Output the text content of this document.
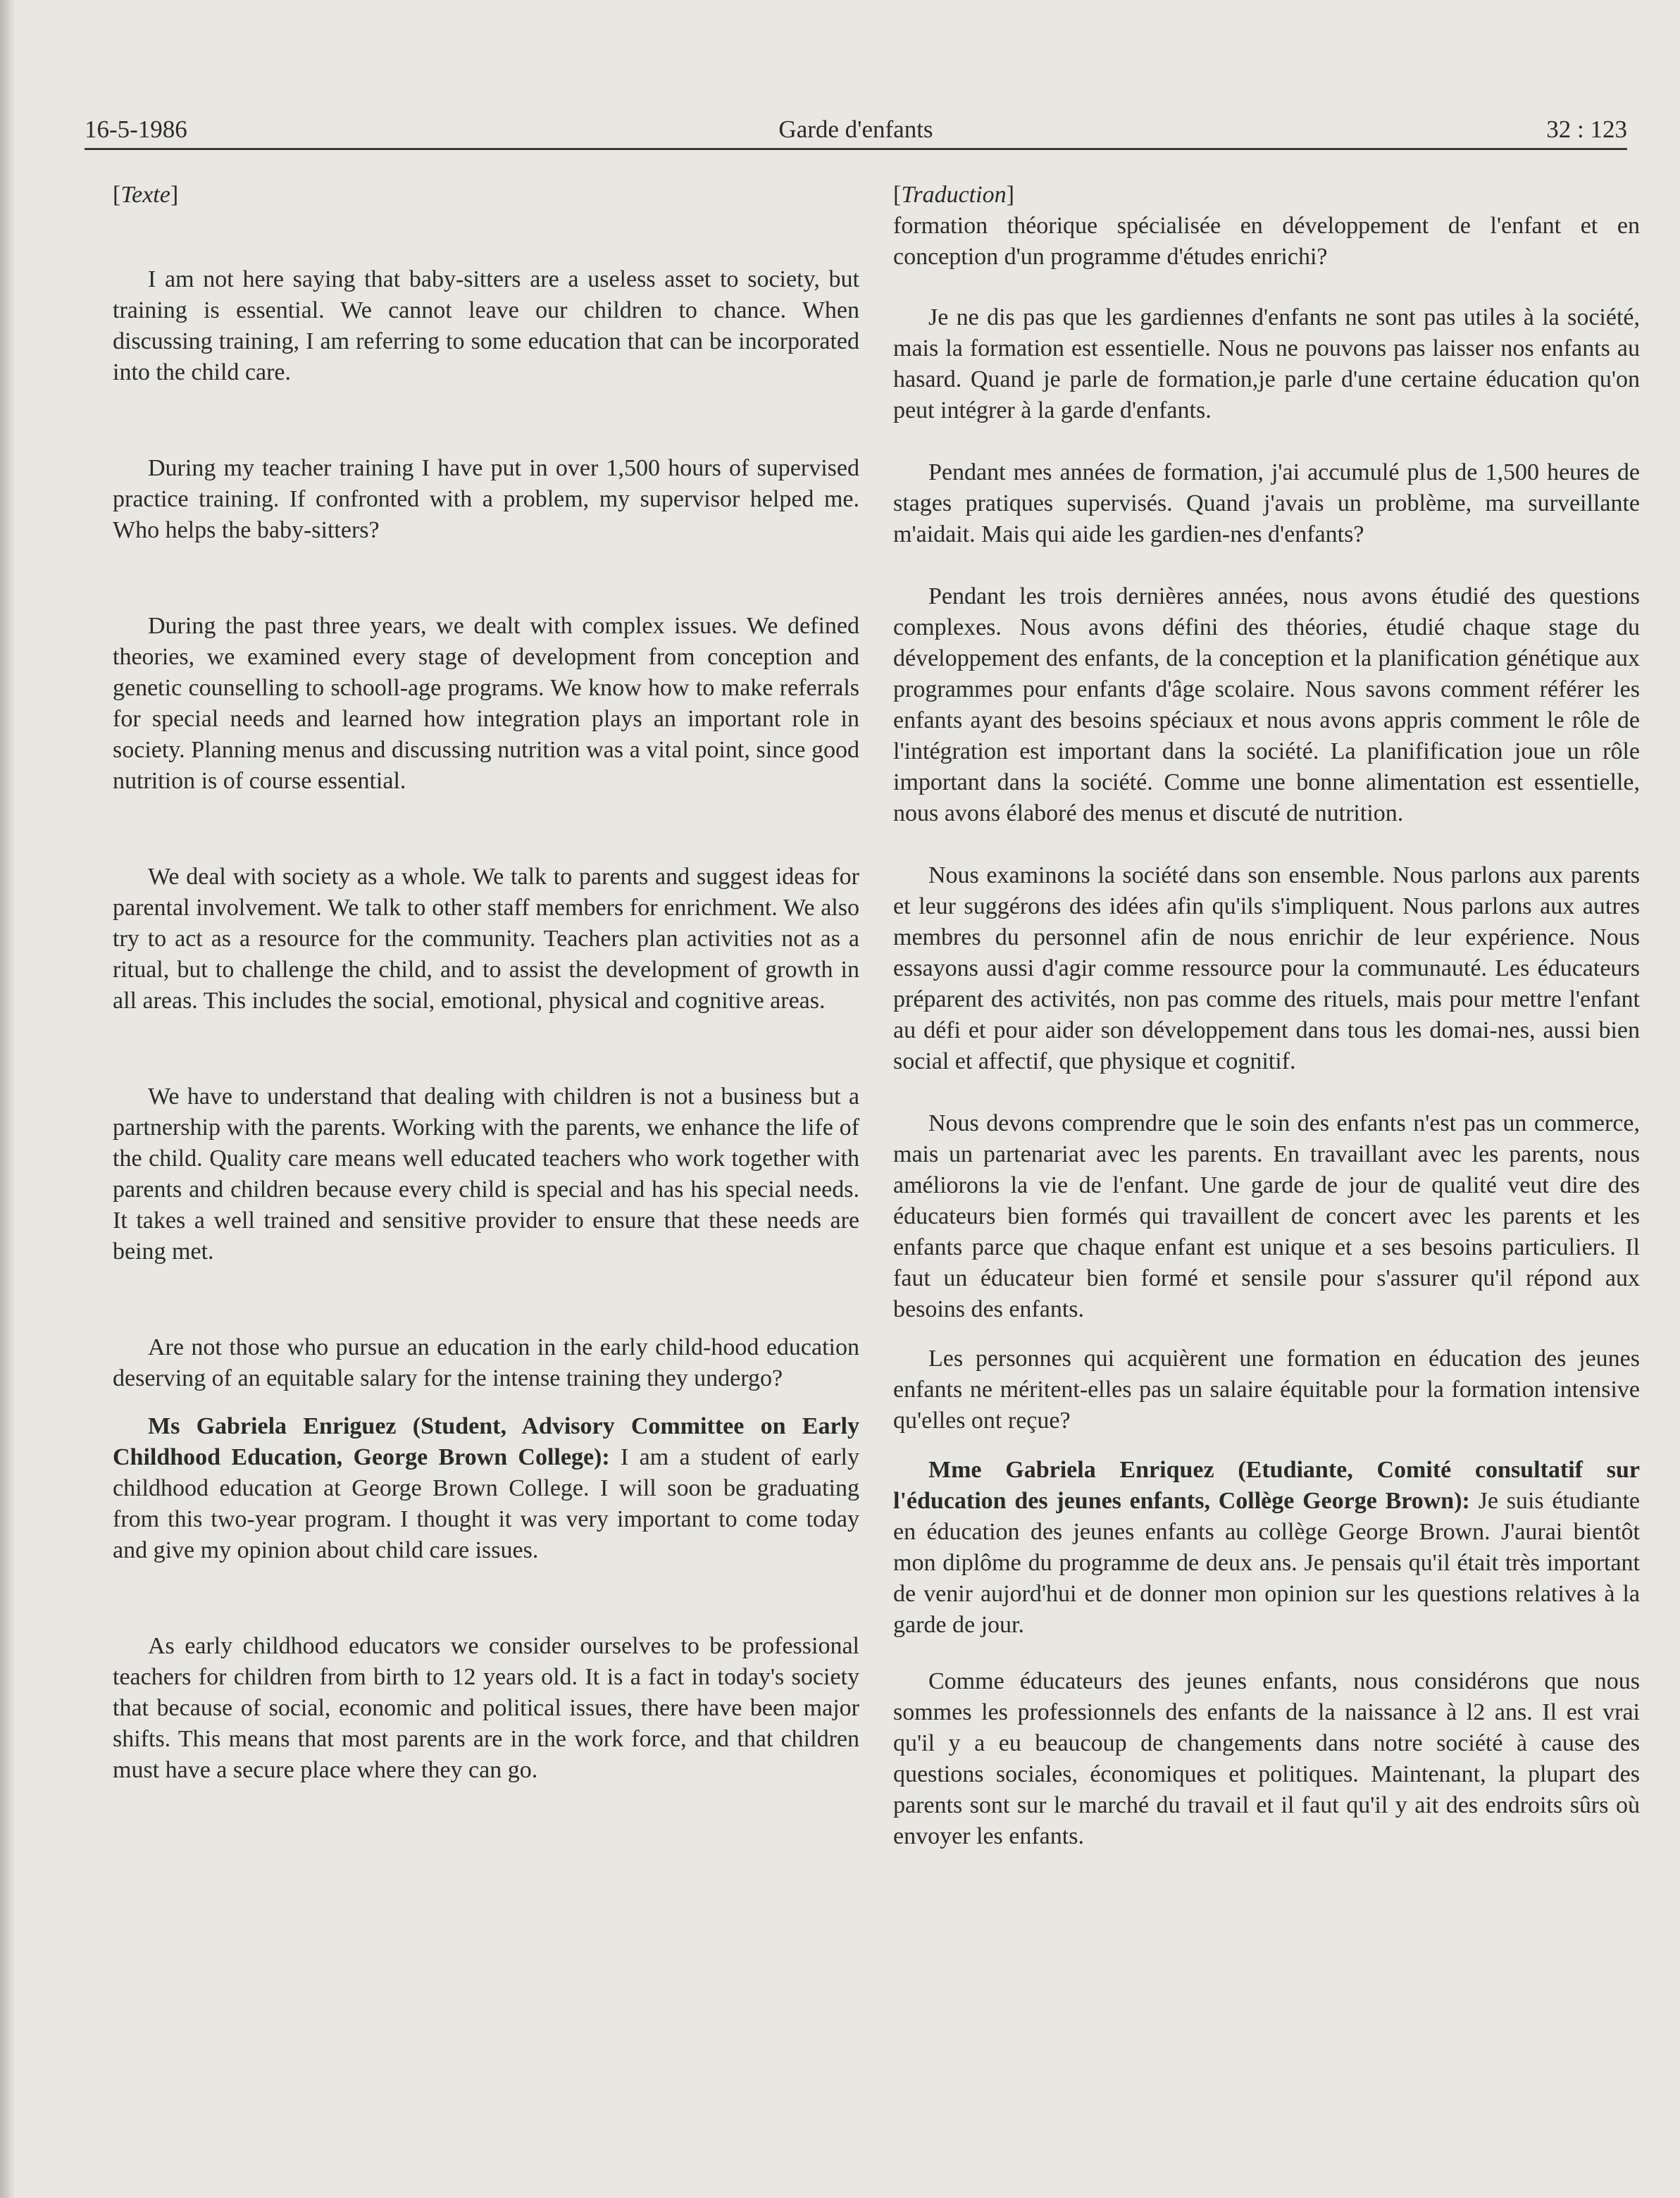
16-5-1986	Garde d'enfants	32 : 123
[Texte]

I am not here saying that baby-sitters are a useless asset to society, but training is essential. We cannot leave our children to chance. When discussing training, I am referring to some education that can be incorporated into the child care.

During my teacher training I have put in over 1,500 hours of supervised practice training. If confronted with a problem, my supervisor helped me. Who helps the baby-sitters?

During the past three years, we dealt with complex issues. We defined theories, we examined every stage of development from conception and genetic counselling to schooll-age programs. We know how to make referrals for special needs and learned how integration plays an important role in society. Planning menus and discussing nutrition was a vital point, since good nutrition is of course essential.

We deal with society as a whole. We talk to parents and suggest ideas for parental involvement. We talk to other staff members for enrichment. We also try to act as a resource for the community. Teachers plan activities not as a ritual, but to challenge the child, and to assist the development of growth in all areas. This includes the social, emotional, physical and cognitive areas.

We have to understand that dealing with children is not a business but a partnership with the parents. Working with the parents, we enhance the life of the child. Quality care means well educated teachers who work together with parents and children because every child is special and has his special needs. It takes a well trained and sensitive provider to ensure that these needs are being met.

Are not those who pursue an education in the early child-hood education deserving of an equitable salary for the intense training they undergo?

Ms Gabriela Enriguez (Student, Advisory Committee on Early Childhood Education, George Brown College): I am a student of early childhood education at George Brown College. I will soon be graduating from this two-year program. I thought it was very important to come today and give my opinion about child care issues.

As early childhood educators we consider ourselves to be professional teachers for children from birth to 12 years old. It is a fact in today's society that because of social, economic and political issues, there have been major shifts. This means that most parents are in the work force, and that children must have a secure place where they can go.

[Traduction]

formation théorique spécialisée en développement de l'enfant et en conception d'un programme d'études enrichi?

Je ne dis pas que les gardiennes d'enfants ne sont pas utiles à la société, mais la formation est essentielle. Nous ne pouvons pas laisser nos enfants au hasard. Quand je parle de formation,je parle d'une certaine éducation qu'on peut intégrer à la garde d'enfants.

Pendant mes années de formation, j'ai accumulé plus de 1,500 heures de stages pratiques supervisés. Quand j'avais un problème, ma surveillante m'aidait. Mais qui aide les gardien-nes d'enfants?

Pendant les trois dernières années, nous avons étudié des questions complexes. Nous avons défini des théories, étudié chaque stage du développement des enfants, de la conception et la planification génétique aux programmes pour enfants d'âge scolaire. Nous savons comment référer les enfants ayant des besoins spéciaux et nous avons appris comment le rôle de l'intégration est important dans la société. La planifification joue un rôle important dans la société. Comme une bonne alimentation est essentielle, nous avons élaboré des menus et discuté de nutrition.

Nous examinons la société dans son ensemble. Nous parlons aux parents et leur suggérons des idées afin qu'ils s'impliquent. Nous parlons aux autres membres du personnel afin de nous enrichir de leur expérience. Nous essayons aussi d'agir comme ressource pour la communauté. Les éducateurs préparent des activités, non pas comme des rituels, mais pour mettre l'enfant au défi et pour aider son développement dans tous les domai-nes, aussi bien social et affectif, que physique et cognitif.

Nous devons comprendre que le soin des enfants n'est pas un commerce, mais un partenariat avec les parents. En travaillant avec les parents, nous améliorons la vie de l'enfant. Une garde de jour de qualité veut dire des éducateurs bien formés qui travaillent de concert avec les parents et les enfants parce que chaque enfant est unique et a ses besoins particuliers. Il faut un éducateur bien formé et sensile pour s'assurer qu'il répond aux besoins des enfants.

Les personnes qui acquièrent une formation en éducation des jeunes enfants ne méritent-elles pas un salaire équitable pour la formation intensive qu'elles ont reçue?

Mme Gabriela Enriquez (Etudiante, Comité consultatif sur l'éducation des jeunes enfants, Collège George Brown): Je suis étudiante en éducation des jeunes enfants au collège George Brown. J'aurai bientôt mon diplôme du programme de deux ans. Je pensais qu'il était très important de venir aujord'hui et de donner mon opinion sur les questions relatives à la garde de jour.

Comme éducateurs des jeunes enfants, nous considérons que nous sommes les professionnels des enfants de la naissance à l2 ans. Il est vrai qu'il y a eu beaucoup de changements dans notre société à cause des questions sociales, économiques et politiques. Maintenant, la plupart des parents sont sur le marché du travail et il faut qu'il y ait des endroits sûrs où envoyer les enfants.
